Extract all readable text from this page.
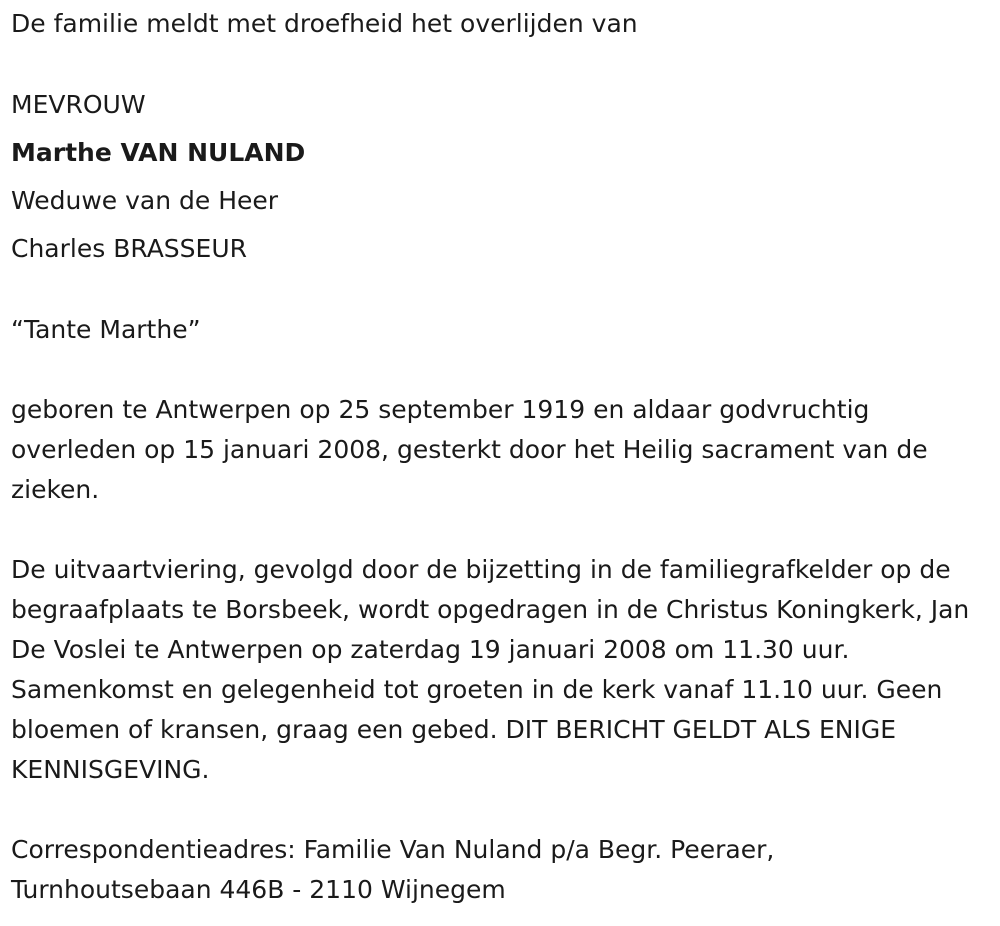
De familie meldt met droefheid het overlijden van

MEVROUW

Marthe VAN NULAND

Weduwe van de Heer

Charles BRASSEUR

“Tante Marthe”

geboren te Antwerpen op 25 september 1919 en aldaar godvruchtig overleden op 15 januari 2008, gesterkt door het Heilig sacrament van de zieken.

De uitvaartviering, gevolgd door de bijzetting in de familiegrafkelder op de begraafplaats te Borsbeek, wordt opgedragen in de Christus Koningkerk, Jan De Voslei te Antwerpen op zaterdag 19 januari 2008 om 11.30 uur. Samenkomst en gelegenheid tot groeten in de kerk vanaf 11.10 uur. Geen bloemen of kransen, graag een gebed. DIT BERICHT GELDT ALS ENIGE KENNISGEVING.

Correspondentieadres: Familie Van Nuland p/a Begr. Peeraer,

Turnhoutsebaan 446B - 2110 Wijnegem
